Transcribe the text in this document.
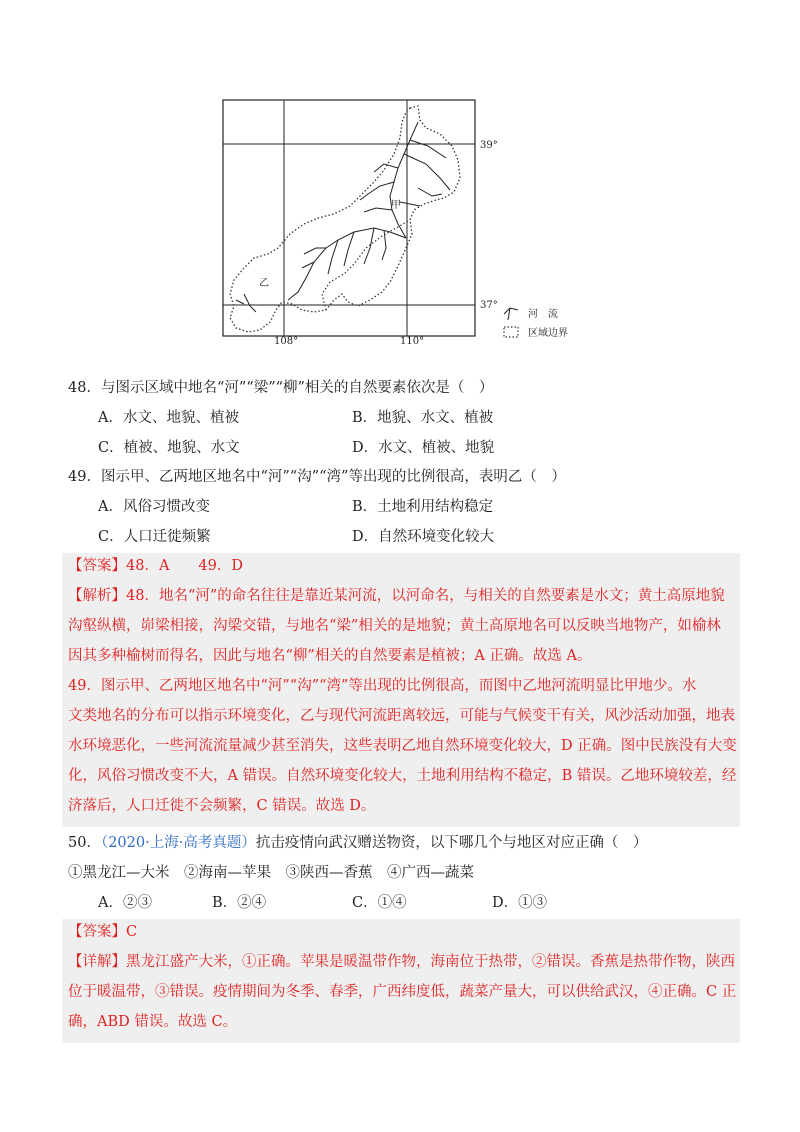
甲
乙
39°
37°
108°	110°
河　流
区域边界
48．与图示区域中地名“河”“梁”“柳”相关的自然要素依次是（　）
A．水文、地貌、植被	B．地貌、水文、植被
C．植被、地貌、水文	D．水文、植被、地貌
49．图示甲、乙两地区地名中“河”“沟”“湾”等出现的比例很高，表明乙（　）
A．风俗习惯改变	B．土地利用结构稳定
C．人口迁徙频繁	D．自然环境变化较大
【答案】48．A　　49．D
【解析】48．地名“河”的命名往往是靠近某河流，以河命名，与相关的自然要素是水文；黄土高原地貌
沟壑纵横，峁梁相接，沟梁交错，与地名“梁”相关的是地貌；黄土高原地名可以反映当地物产，如榆林
因其多种榆树而得名，因此与地名“柳”相关的自然要素是植被；A 正确。故选 A。
49．图示甲、乙两地区地名中“河”“沟”“湾”等出现的比例很高，而图中乙地河流明显比甲地少。水
文类地名的分布可以指示环境变化，乙与现代河流距离较远，可能与气候变干有关，风沙活动加强，地表
水环境恶化，一些河流流量减少甚至消失，这些表明乙地自然环境变化较大，D 正确。图中民族没有大变
化，风俗习惯改变不大，A 错误。自然环境变化较大，土地利用结构不稳定，B 错误。乙地环境较差，经
济落后，人口迁徙不会频繁，C 错误。故选 D。
50．（2020·上海·高考真题）抗击疫情向武汉赠送物资，以下哪几个与地区对应正确（　）
①黑龙江—大米　②海南—苹果　③陕西—香蕉　④广西—蔬菜
A．②③	B．②④	C．①④	D．①③
【答案】C
【详解】黑龙江盛产大米，①正确。苹果是暖温带作物，海南位于热带，②错误。香蕉是热带作物，陕西
位于暖温带，③错误。疫情期间为冬季、春季，广西纬度低，蔬菜产量大，可以供给武汉，④正确。C 正
确，ABD 错误。故选 C。
